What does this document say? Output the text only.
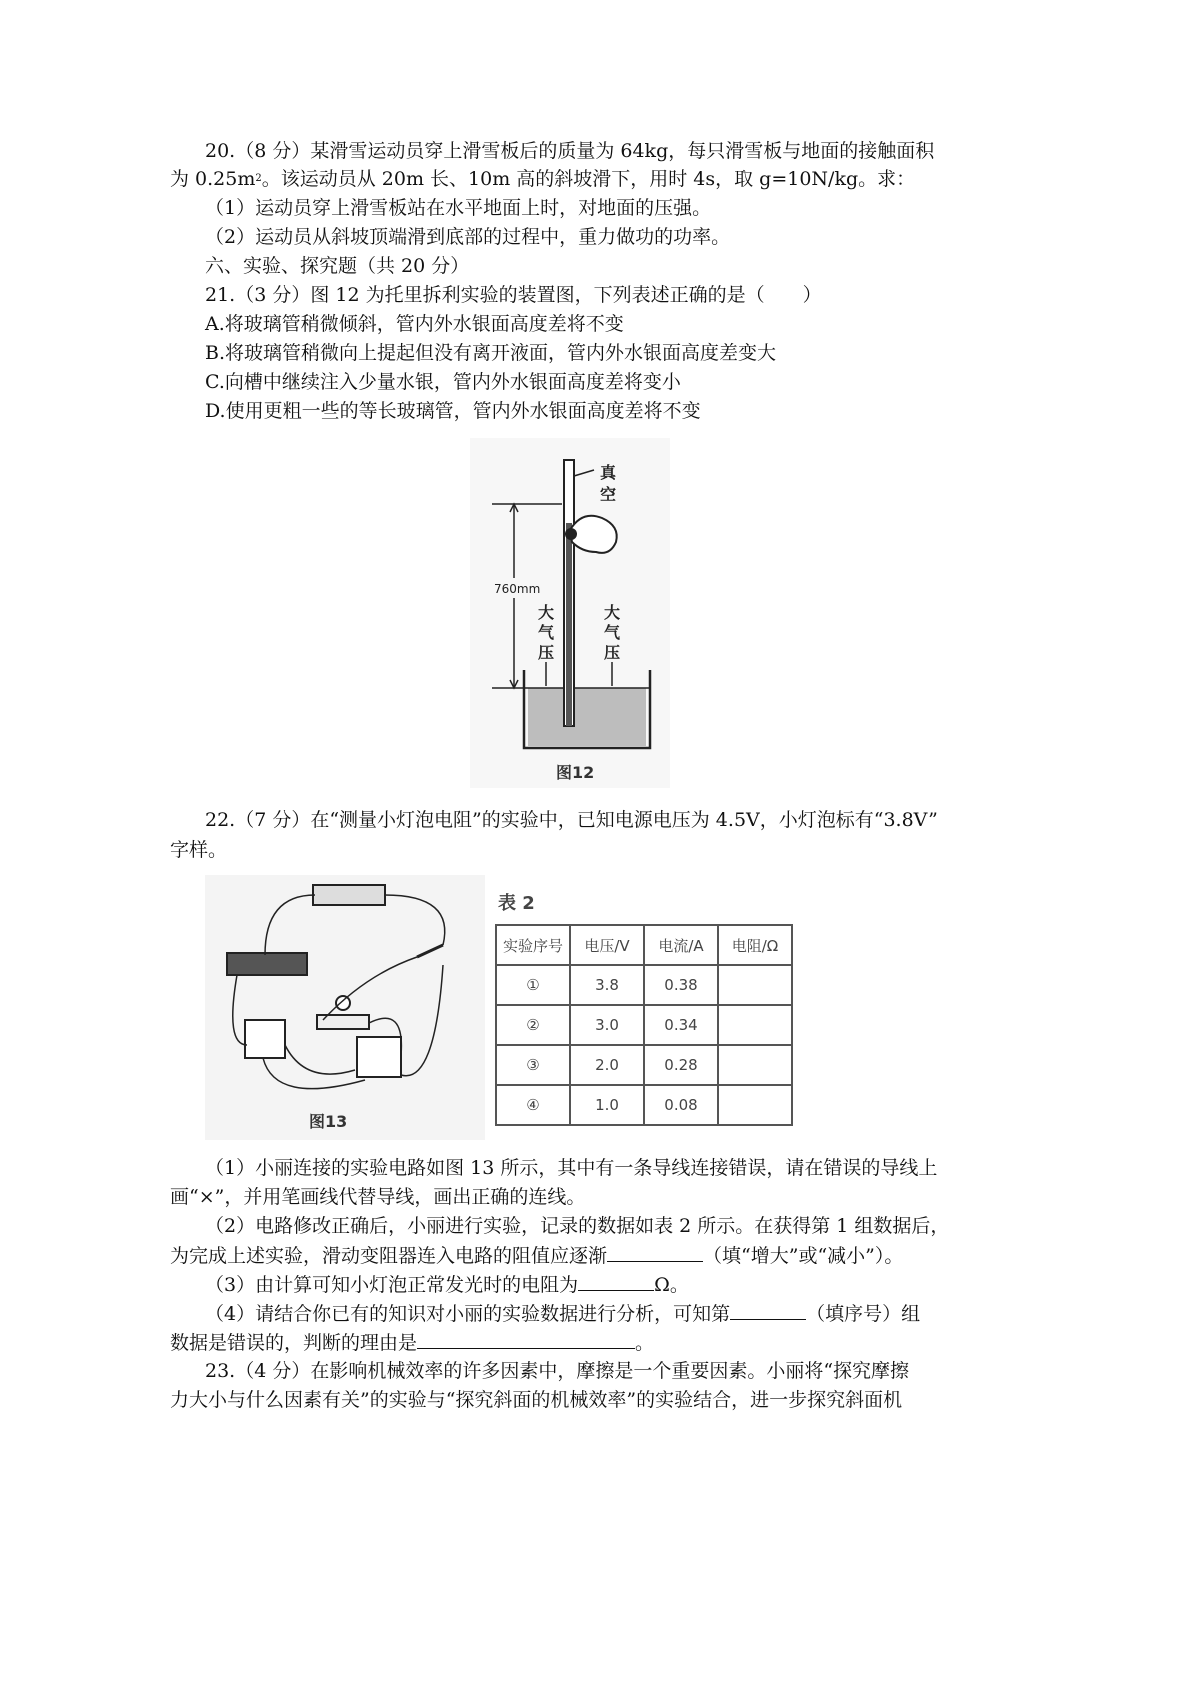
20.（8 分）某滑雪运动员穿上滑雪板后的质量为 64kg，每只滑雪板与地面的接触面积
为 $0.25m^2$。该运动员从 20m 长、10m 高的斜坡滑下，用时 4s，取 g=10N/kg。求：
（1）运动员穿上滑雪板站在水平地面上时，对地面的压强。
（2）运动员从斜坡顶端滑到底部的过程中，重力做功的功率。
六、实验、探究题（共 20 分）
21.（3 分）图 12 为托里拆利实验的装置图，下列表述正确的是（　　）
A.将玻璃管稍微倾斜，管内外水银面高度差将不变
B.将玻璃管稍微向上提起但没有离开液面，管内外水银面高度差变大
C.向槽中继续注入少量水银，管内外水银面高度差将变小
D.使用更粗一些的等长玻璃管，管内外水银面高度差将不变
真
空
760mm
大
气
压
大
气
压
图12
22.（7 分）在“测量小灯泡电阻”的实验中，已知电源电压为 4.5V，小灯泡标有“3.8V”
字样。
图13
表 2
实验序号	电压/V	电流/A	电阻/Ω
①	3.8	0.38	
②	3.0	0.34	
③	2.0	0.28	
④	1.0	0.08	
（1）小丽连接的实验电路如图 13 所示，其中有一条导线连接错误，请在错误的导线上
画“×”，并用笔画线代替导线，画出正确的连线。
（2）电路修改正确后，小丽进行实验，记录的数据如表 2 所示。在获得第 1 组数据后，
为完成上述实验，滑动变阻器连入电路的阻值应逐渐	（填“增大”或“减小”）。
（3）由计算可知小灯泡正常发光时的电阻为	Ω。
（4）请结合你已有的知识对小丽的实验数据进行分析，可知第	（填序号）组
数据是错误的，判断的理由是	。
23.（4 分）在影响机械效率的许多因素中，摩擦是一个重要因素。小丽将“探究摩擦
力大小与什么因素有关”的实验与“探究斜面的机械效率”的实验结合，进一步探究斜面机
